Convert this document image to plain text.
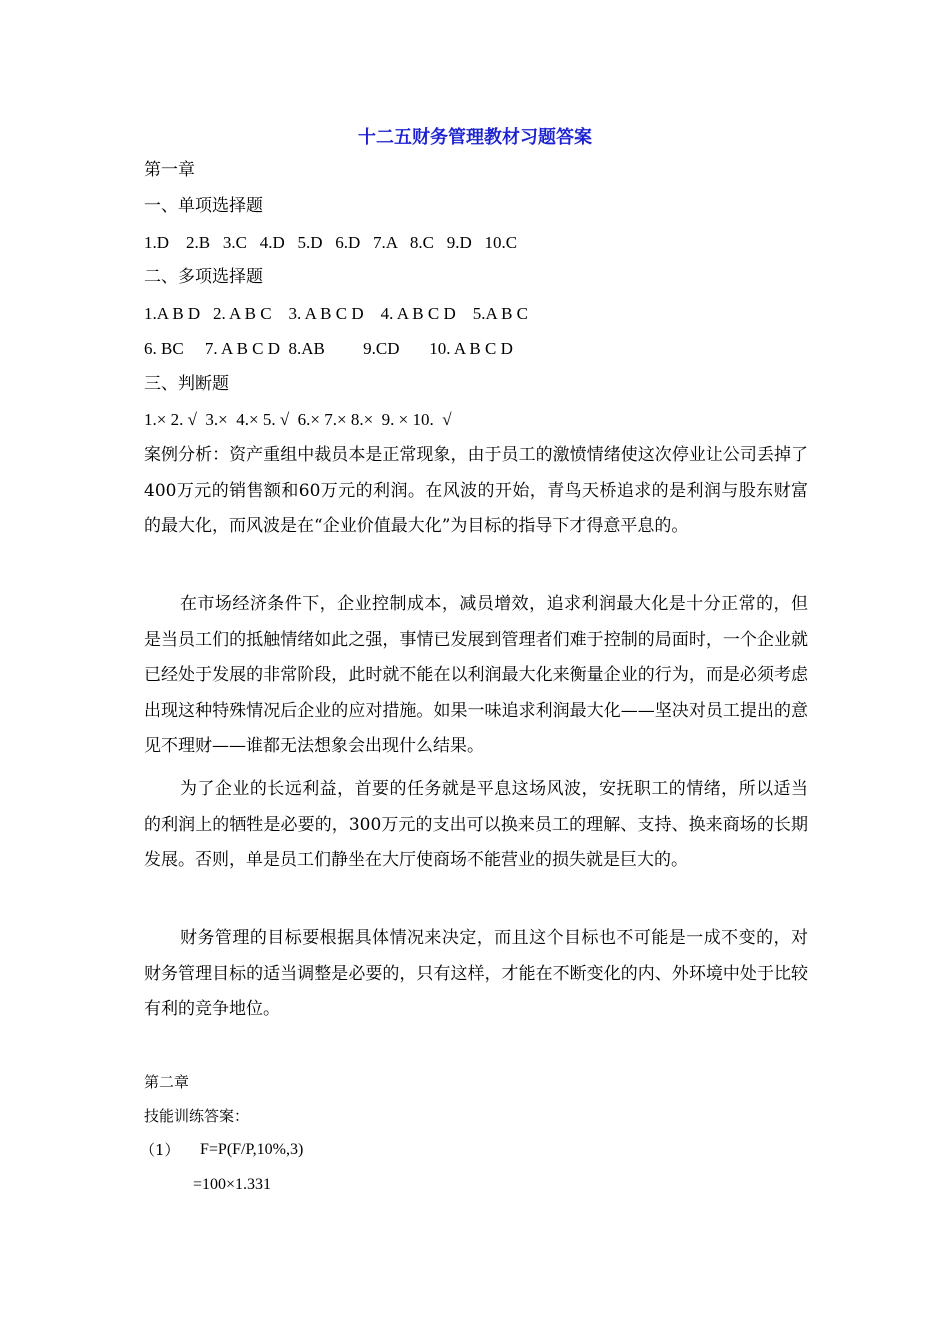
十二五财务管理教材习题答案

第一章

一、单项选择题

1.D    2.B   3.C   4.D   5.D   6.D   7.A   8.C   9.D   10.C

二、多项选择题

1.A B D   2. A B C    3. A B C D    4. A B C D    5.A B C

6. BC     7. A B C D  8.AB         9.CD       10. A B C D

三、判断题

1.× 2. √  3.×  4.× 5. √  6.× 7.× 8.×  9. × 10.  √

案例分析：资产重组中裁员本是正常现象，由于员工的激愤情绪使这次停业让公司丢掉了400万元的销售额和60万元的利润。在风波的开始，青鸟天桥追求的是利润与股东财富的最大化，而风波是在“企业价值最大化”为目标的指导下才得意平息的。

在市场经济条件下，企业控制成本，减员增效，追求利润最大化是十分正常的，但是当员工们的抵触情绪如此之强，事情已发展到管理者们难于控制的局面时，一个企业就已经处于发展的非常阶段，此时就不能在以利润最大化来衡量企业的行为，而是必须考虑出现这种特殊情况后企业的应对措施。如果一味追求利润最大化——坚决对员工提出的意见不理财——谁都无法想象会出现什么结果。

为了企业的长远利益，首要的任务就是平息这场风波，安抚职工的情绪，所以适当的利润上的牺牲是必要的，300万元的支出可以换来员工的理解、支持、换来商场的长期发展。否则，单是员工们静坐在大厅使商场不能营业的损失就是巨大的。

财务管理的目标要根据具体情况来决定，而且这个目标也不可能是一成不变的，对财务管理目标的适当调整是必要的，只有这样，才能在不断变化的内、外环境中处于比较有利的竞争地位。

第二章

技能训练答案：

（1） F=P(F/P,10%,3)

=100×1.331
